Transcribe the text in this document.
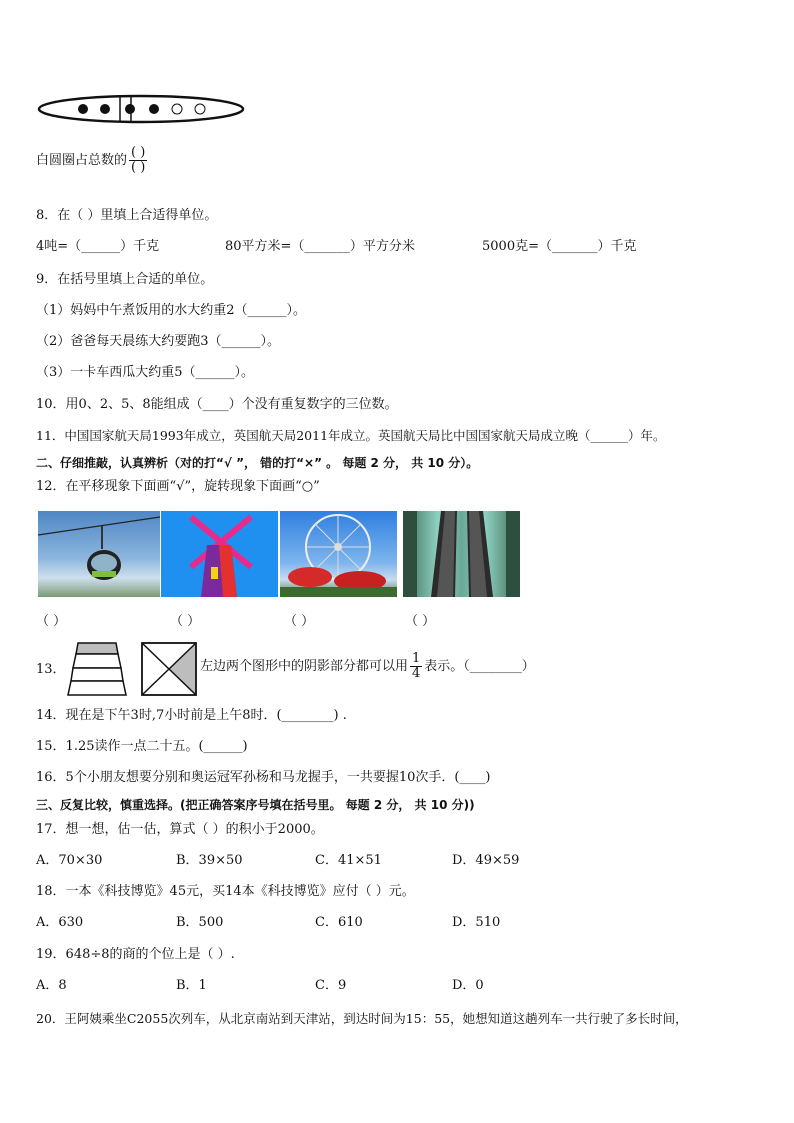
白圆圈占总数的 $\frac{( )}{( )}$
8．在（ ）里填上合适得单位。
4吨=（______）千克	80平方米=（_______）平方分米	5000克=（_______）千克
9．在括号里填上合适的单位。
（1）妈妈中午煮饭用的水大约重2（______）。
（2）爸爸每天晨练大约要跑3（______）。
（3）一卡车西瓜大约重5（______）。
10．用0、2、5、8能组成（____）个没有重复数字的三位数。
11．中国国家航天局1993年成立，英国航天局2011年成立。英国航天局比中国国家航天局成立晚（______）年。
二、仔细推敲，认真辨析（对的打“√ ”， 错的打“×” 。 每题 2 分， 共 10 分）。
12．在平移现象下面画“√”，旋转现象下面画“○”
（ ）	（ ）	（ ）	（ ）
13．	左边两个图形中的阴影部分都可以用 $\frac{1}{4}$ 表示。（________）
14．现在是下午3时,7小时前是上午8时．(________) .
15．1.25读作一点二十五。(______)
16．5个小朋友想要分别和奥运冠军孙杨和马龙握手，一共要握10次手．(____)
三、反复比较，慎重选择。(把正确答案序号填在括号里。 每题 2 分， 共 10 分))
17．想一想，估一估，算式（ ）的积小于2000。
A．70×30	B．39×50	C．41×51	D．49×59
18．一本《科技博览》45元，买14本《科技博览》应付（ ）元。
A．630	B．500	C．610	D．510
19．648÷8的商的个位上是（ ）.
A．8	B．1	C．9	D．0
20．王阿姨乘坐C2055次列车，从北京南站到天津站，到达时间为15：55，她想知道这趟列车一共行驶了多长时间，
